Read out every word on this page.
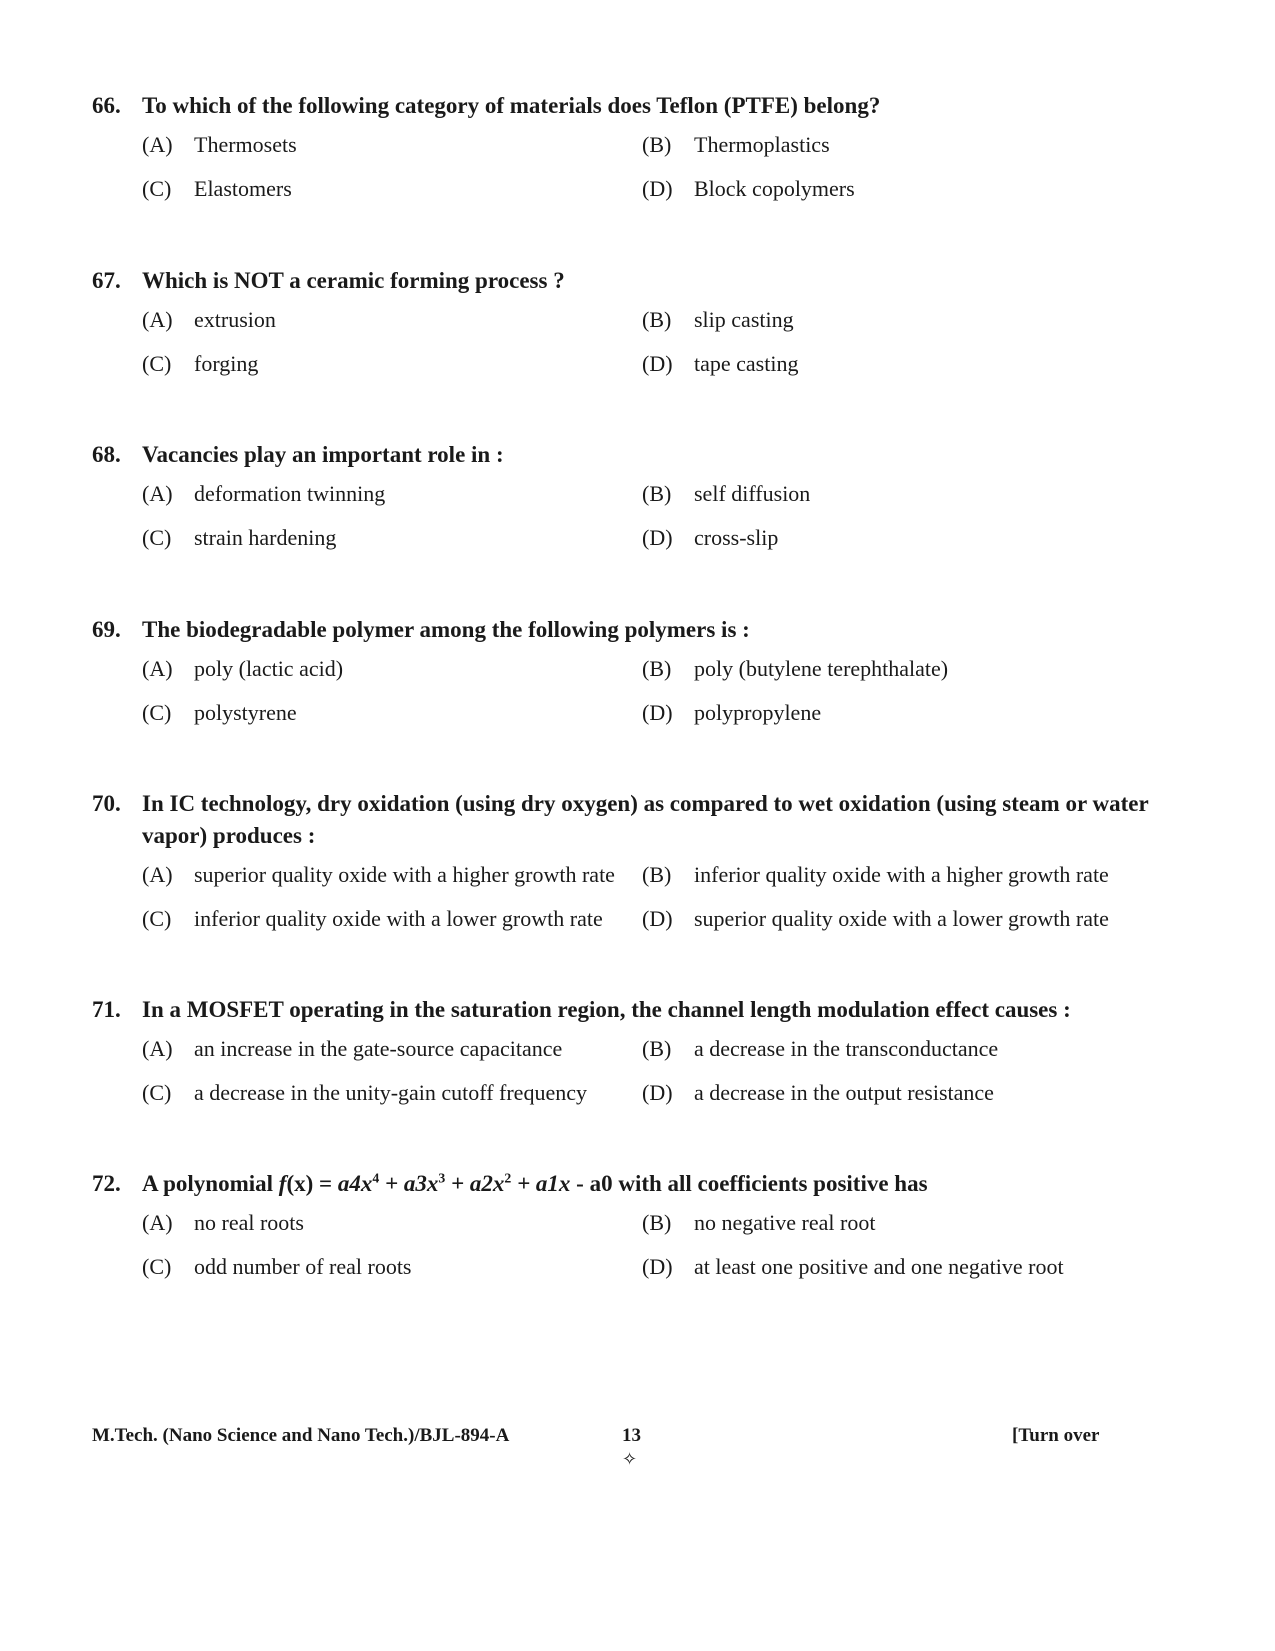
66. To which of the following category of materials does Teflon (PTFE) belong?
(A) Thermosets	(B)	Thermoplastics
(C)	Elastomers	(D) Block copolymers
67. Which is NOT a ceramic forming process ?
(A) extrusion	(B)	slip casting
(C)	forging	(D) tape casting
68. Vacancies play an important role in :
(A) deformation twinning	(B)	self diffusion
(C)	strain hardening	(D) cross-slip
69. The biodegradable polymer among the following polymers is :
(A) poly (lactic acid)	(B)	poly (butylene terephthalate)
(C)	polystyrene	(D) polypropylene
70. In IC technology, dry oxidation (using dry oxygen) as compared to wet oxidation (using steam or water vapor) produces :
(A) superior quality oxide with a higher growth rate (B)	inferior quality oxide with a higher growth rate
(C)	inferior quality oxide with a lower growth rate (D) superior quality oxide with a lower growth rate
71. In a MOSFET operating in the saturation region, the channel length modulation effect causes :
(A) an increase in the gate-source capacitance	(B)	a decrease in the transconductance
(C)	a decrease in the unity-gain cutoff frequency	(D) a decrease in the output resistance
72. A polynomial $f(x) = a4x^4 + a3x^3 + a2x^2 + a1x - a0$ with all coefficients positive has
(A) no real roots	(B)	no negative real root
(C)	odd number of real roots	(D) at least one positive and one negative root
M.Tech. (Nano Science and Nano Tech.)/BJL-894-A	13
✧
[Turn over
